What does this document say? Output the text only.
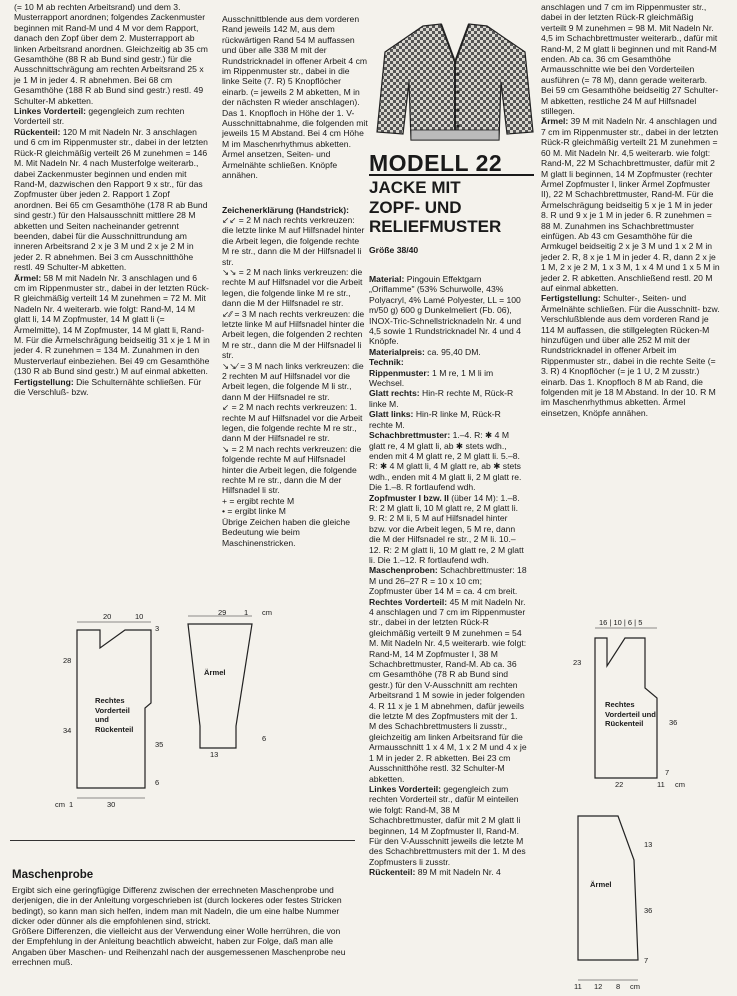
(= 10 M ab rechten Arbeitsrand) und dem 3. Musterrapport anordnen; folgendes Zackenmuster beginnen mit Rand-M und 4 M vor dem Rapport, danach den Zopf über dem 2. Musterrapport ab linken Arbeitsrand anordnen. Gleichzeitig ab 35 cm Gesamthöhe (88 R ab Bund sind gestr.) für die Ausschnittschrägung am rechten Arbeitsrand 25 x je 1 M in jeder 4. R abnehmen. Bei 68 cm Gesamthöhe (188 R ab Bund sind gestr.) restl. 49 Schulter-M abketten.

Linkes Vorderteil: gegengleich zum rechten Vorderteil str.

Rückenteil: 120 M mit Nadeln Nr. 3 anschlagen und 6 cm im Rippenmuster str., dabei in der letzten Rück-R gleichmäßig verteilt 26 M zunehmen = 146 M. Mit Nadeln Nr. 4 nach Musterfolge weiterarb., dabei Zackenmuster beginnen und enden mit Rand-M, dazwischen den Rapport 9 x str., für das Zopfmuster über jeden 2. Rapport 1 Zopf anordnen. Bei 65 cm Gesamthöhe (178 R ab Bund sind gestr.) für den Halsausschnitt mittlere 28 M abketten und Seiten nacheinander getrennt beenden, dabei für die Ausschnittrundung am inneren Arbeitsrand 2 x je 3 M und 2 x je 2 M in jeder 2. R abnehmen. Bei 3 cm Ausschnitthöhe restl. 49 Schulter-M abketten.

Ärmel: 58 M mit Nadeln Nr. 3 anschlagen und 6 cm im Rippenmuster str., dabei in der letzten Rück-R gleichmäßig verteilt 14 M zunehmen = 72 M. Mit Nadeln Nr. 4 weiterarb. wie folgt: Rand-M, 14 M glatt li, 14 M Zopfmuster, 14 M glatt li (= Ärmelmitte), 14 M Zopfmuster, 14 M glatt li, Rand-M. Für die Ärmelschrägung beidseitig 31 x je 1 M in jeder 4. R zunehmen = 134 M. Zunahmen in den Musterverlauf einbeziehen. Bei 49 cm Gesamthöhe (130 R ab Bund sind gestr.) M auf einmal abketten.

Fertigstellung: Die Schulternähte schließen. Für die Verschluß- bzw.

Ausschnittblende aus dem vorderen Rand jeweils 142 M, aus dem rückwärtigen Rand 54 M auffassen und über alle 338 M mit der Rundstricknadel in offener Arbeit 4 cm im Rippenmuster str., dabei in die linke Seite (7. R) 5 Knopflöcher einarb. (= jeweils 2 M abketten, M in der nächsten R wieder anschlagen). Das 1. Knopfloch in Höhe der 1. V-Ausschnittabnahme, die folgenden mit jeweils 15 M Abstand. Bei 4 cm Höhe M im Maschenrhythmus abketten. Ärmel ansetzen, Seiten- und Ärmelnähte schließen. Knöpfe annähen.

Zeichenerklärung (Handstrick):

↙↙ = 2 M nach rechts verkreuzen: die letzte linke M auf Hilfsnadel hinter die Arbeit legen, die folgende rechte M re str., dann die M der Hilfsnadel li str.

↘↘ = 2 M nach links verkreuzen: die rechte M auf Hilfsnadel vor die Arbeit legen, die folgende linke M re str., dann die M der Hilfsnadel re str.

↙⁄⁄ = 3 M nach rechts verkreuzen: die letzte linke M auf Hilfsnadel hinter die Arbeit legen, die folgenden 2 rechten M re str., dann die M der Hilfsnadel li str.

↘↘⁄ = 3 M nach links verkreuzen: die 2 rechten M auf Hilfsnadel vor die Arbeit legen, die folgende M li str., dann M der Hilfsnadel re str.

↙ = 2 M nach rechts verkreuzen: 1. rechte M auf Hilfsnadel vor die Arbeit legen, die folgende rechte M re str., dann M der Hilfsnadel re str.

↘ = 2 M nach rechts verkreuzen: die folgende rechte M auf Hilfsnadel hinter die Arbeit legen, die folgende rechte M re str., dann die M der Hilfsnadel li str.

+ = ergibt rechte M

• = ergibt linke M

Übrige Zeichen haben die gleiche Bedeutung wie beim Maschinenstricken.

MODELL 22
JACKE MIT
ZOPF- UND
RELIEFMUSTER
Größe 38/40

Material: Pingouin Effektgarn „Oriflamme" (53% Schurwolle, 43% Polyacryl, 4% Lamé Polyester, LL = 100 m/50 g) 600 g Dunkelmeliert (Fb. 06), INOX-Tric-Schnellstricknadeln Nr. 4 und 4,5 sowie 1 Rundstricknadel Nr. 4 und 4 Knöpfe.

Materialpreis: ca. 95,40 DM.

Technik:

Rippenmuster: 1 M re, 1 M li im Wechsel.

Glatt rechts: Hin-R rechte M, Rück-R linke M.

Glatt links: Hin-R linke M, Rück-R rechte M.

Schachbrettmuster: 1.–4. R: ✱ 4 M glatt re, 4 M glatt li, ab ✱ stets wdh., enden mit 4 M glatt re, 2 M glatt li. 5.–8. R: ✱ 4 M glatt li, 4 M glatt re, ab ✱ stets wdh., enden mit 4 M glatt li, 2 M glatt re. Die 1.–8. R fortlaufend wdh.

Zopfmuster I bzw. II (über 14 M): 1.–8. R: 2 M glatt li, 10 M glatt re, 2 M glatt li. 9. R: 2 M li, 5 M auf Hilfsnadel hinter bzw. vor die Arbeit legen, 5 M re, dann die M der Hilfsnadel re str., 2 M li. 10.–12. R: 2 M glatt li, 10 M glatt re, 2 M glatt li. Die 1.–12. R fortlaufend wdh.

Maschenproben: Schachbrettmuster: 18 M und 26–27 R = 10 x 10 cm; Zopfmuster über 14 M = ca. 4 cm breit.

Rechtes Vorderteil: 45 M mit Nadeln Nr. 4 anschlagen und 7 cm im Rippenmuster str., dabei in der letzten Rück-R gleichmäßig verteilt 9 M zunehmen = 54 M. Mit Nadeln Nr. 4,5 weiterarb. wie folgt: Rand-M, 14 M Zopfmuster I, 38 M Schachbrettmuster, Rand-M. Ab ca. 36 cm Gesamthöhe (78 R ab Bund sind gestr.) für den V-Ausschnitt am rechten Arbeitsrand 1 M sowie in jeder folgenden 4. R 11 x je 1 M abnehmen, dafür jeweils die letzte M des Zopfmusters mit der 1. M des Schachbrettmusters li zusstr., gleichzeitig am linken Arbeitsrand für die Armausschnitt 1 x 4 M, 1 x 2 M und 4 x je 1 M in jeder 2. R abketten. Bei 23 cm Ausschnitthöhe restl. 32 Schulter-M abketten.

Linkes Vorderteil: gegengleich zum rechten Vorderteil str., dafür M einteilen wie folgt: Rand-M, 38 M Schachbrettmuster, dafür mit 2 M glatt li beginnen, 14 M Zopfmuster II, Rand-M. Für den V-Ausschnitt jeweils die letzte M des Schachbrettmusters mit der 1. M des Zopfmusters li zusstr.

Rückenteil: 89 M mit Nadeln Nr. 4

anschlagen und 7 cm im Rippenmuster str., dabei in der letzten Rück-R gleichmäßig verteilt 9 M zunehmen = 98 M. Mit Nadeln Nr. 4,5 im Schachbrettmuster weiterarb., dafür mit Rand-M, 2 M glatt li beginnen und mit Rand-M enden. Ab ca. 36 cm Gesamthöhe Armausschnitte wie bei den Vorderteilen ausführen (= 78 M), dann gerade weiterarb. Bei 59 cm Gesamthöhe beidseitig 27 Schulter-M abketten, restliche 24 M auf Hilfsnadel stillegen.

Ärmel: 39 M mit Nadeln Nr. 4 anschlagen und 7 cm im Rippenmuster str., dabei in der letzten Rück-R gleichmäßig verteilt 21 M zunehmen = 60 M. Mit Nadeln Nr. 4,5 weiterarb. wie folgt: Rand-M, 22 M Schachbrettmuster, dafür mit 2 M glatt li beginnen, 14 M Zopfmuster (rechter Ärmel Zopfmuster I, linker Ärmel Zopfmuster II), 22 M Schachbrettmuster, Rand-M. Für die Ärmelschrägung beidseitig 5 x je 1 M in jeder 8. R und 9 x je 1 M in jeder 6. R zunehmen = 88 M. Zunahmen ins Schachbrettmuster einfügen. Ab 43 cm Gesamthöhe für die Armkugel beidseitig 2 x je 3 M und 1 x 2 M in jeder 2. R, 8 x je 1 M in jeder 4. R, dann 2 x je 1 M, 2 x je 2 M, 1 x 3 M, 1 x 4 M und 1 x 5 M in jeder 2. R abketten. Anschließend restl. 20 M auf einmal abketten.

Fertigstellung: Schulter-, Seiten- und Ärmelnähte schließen. Für die Ausschnitt- bzw. Verschlußblende aus dem vorderen Rand je 114 M auffassen, die stillgelegten Rücken-M hinzufügen und über alle 252 M mit der Rundstricknadel in offener Arbeit im Rippenmuster str., dabei in die rechte Seite (= 3. R) 4 Knopflöcher (= je 1 U, 2 M zusstr.) einarb. Das 1. Knopfloch 8 M ab Rand, die folgenden mit je 18 M Abstand. In der 10. R M im Maschenrhythmus abketten. Ärmel einsetzen, Knöpfe annähen.

20	10
3
28
34
35
6
1	30
cm
Rechtes Vorderteil und Rückenteil
29 1 cm
13
6
Ärmel
16 | 10 | 6 | 5
23
36
7
22	11 cm
Rechtes Vorderteil und Rückenteil
13
36
7
11 12 8 cm
Ärmel
Maschenprobe

Ergibt sich eine geringfügige Differenz zwischen der errechneten Maschenprobe und derjenigen, die in der Anleitung vorgeschrieben ist (durch lockeres oder festes Stricken bedingt), so kann man sich helfen, indem man mit Nadeln, die um eine halbe Nummer dicker oder dünner als die empfohlenen sind, strickt.

Größere Differenzen, die vielleicht aus der Verwendung einer Wolle herrühren, die von der Empfehlung in der Anleitung beachtlich abweicht, haben zur Folge, daß man alle Angaben über Maschen- und Reihenzahl nach der ausgemessenen Maschenprobe neu errechnen muß.
